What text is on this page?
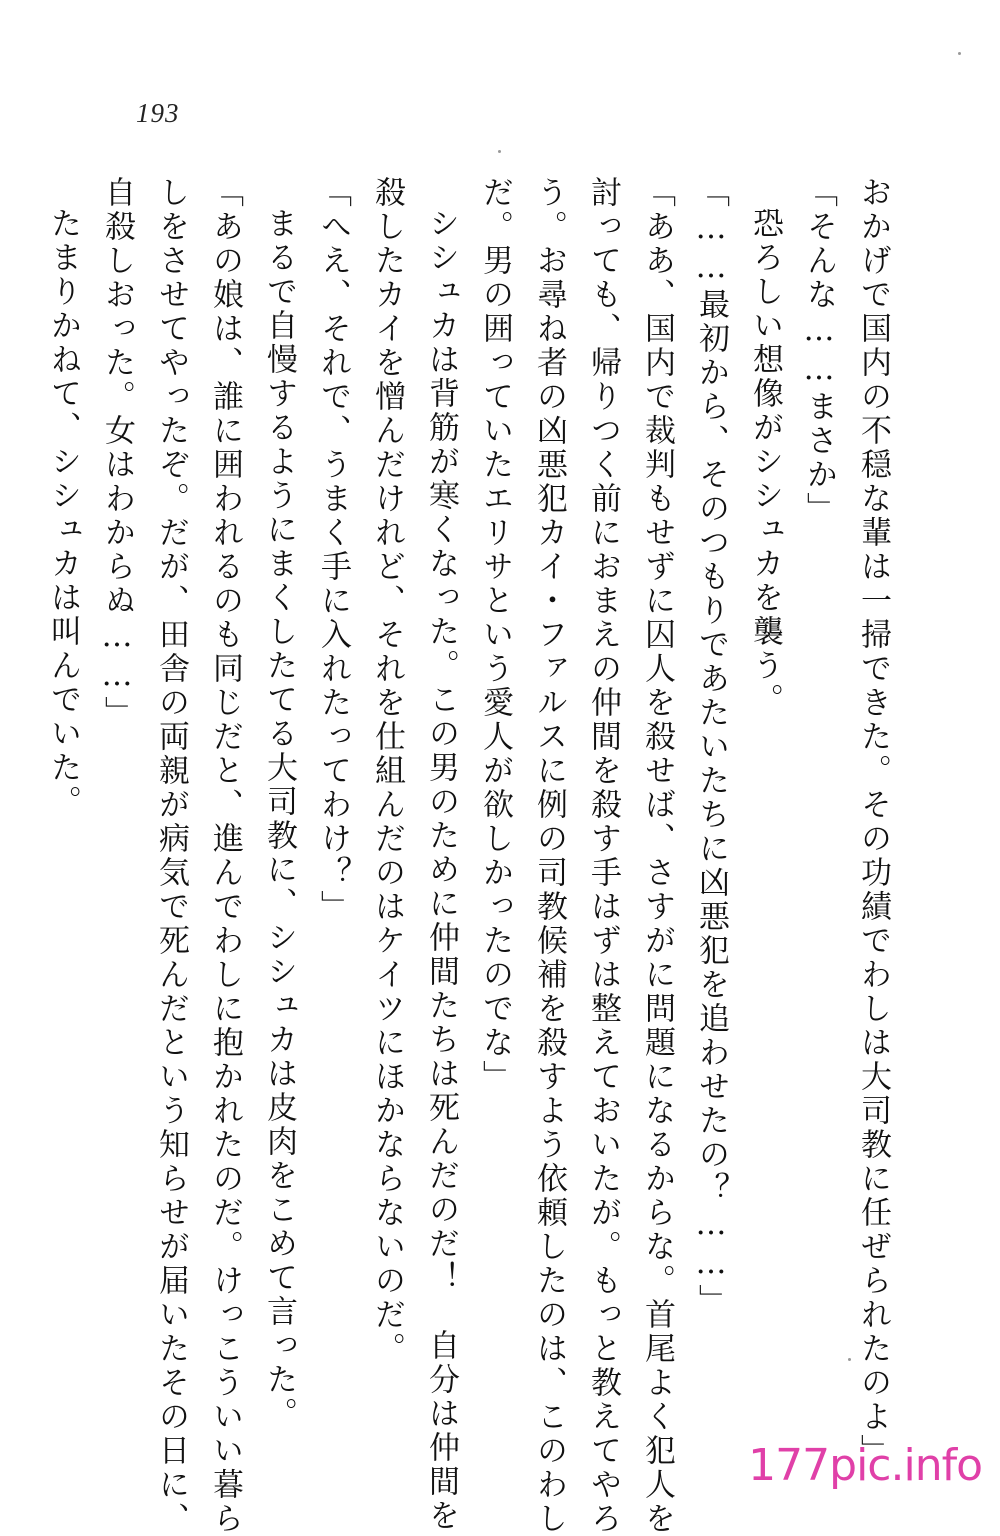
193

おかげで国内の不穏な輩は一掃できた。その功績でわしは大司教に任ぜられたのよ」

「そんな……まさか」

恐ろしい想像がシシュカを襲う。

「……最初から、そのつもりであたいたちに凶悪犯を追わせたの？……」

「ああ、国内で裁判もせずに囚人を殺せば、さすがに問題になるからな。首尾よく犯人を

討っても、帰りつく前におまえの仲間を殺す手はずは整えておいたが。もっと教えてやろ

う。お尋ね者の凶悪犯カイ・ファルスに例の司教候補を殺すよう依頼したのは、このわし

だ。男の囲っていたエリサという愛人が欲しかったのでな」

シシュカは背筋が寒くなった。この男のために仲間たちは死んだのだ！　自分は仲間を

殺したカイを憎んだけれど、それを仕組んだのはケイツにほかならないのだ。

「へえ、それで、うまく手に入れたってわけ？」

まるで自慢するようにまくしたてる大司教に、シシュカは皮肉をこめて言った。

「あの娘は、誰に囲われるのも同じだと、進んでわしに抱かれたのだ。けっこういい暮ら

しをさせてやったぞ。だが、田舎の両親が病気で死んだという知らせが届いたその日に、

自殺しおった。女はわからぬ……」

たまりかねて、シシュカは叫んでいた。

177pic.info
